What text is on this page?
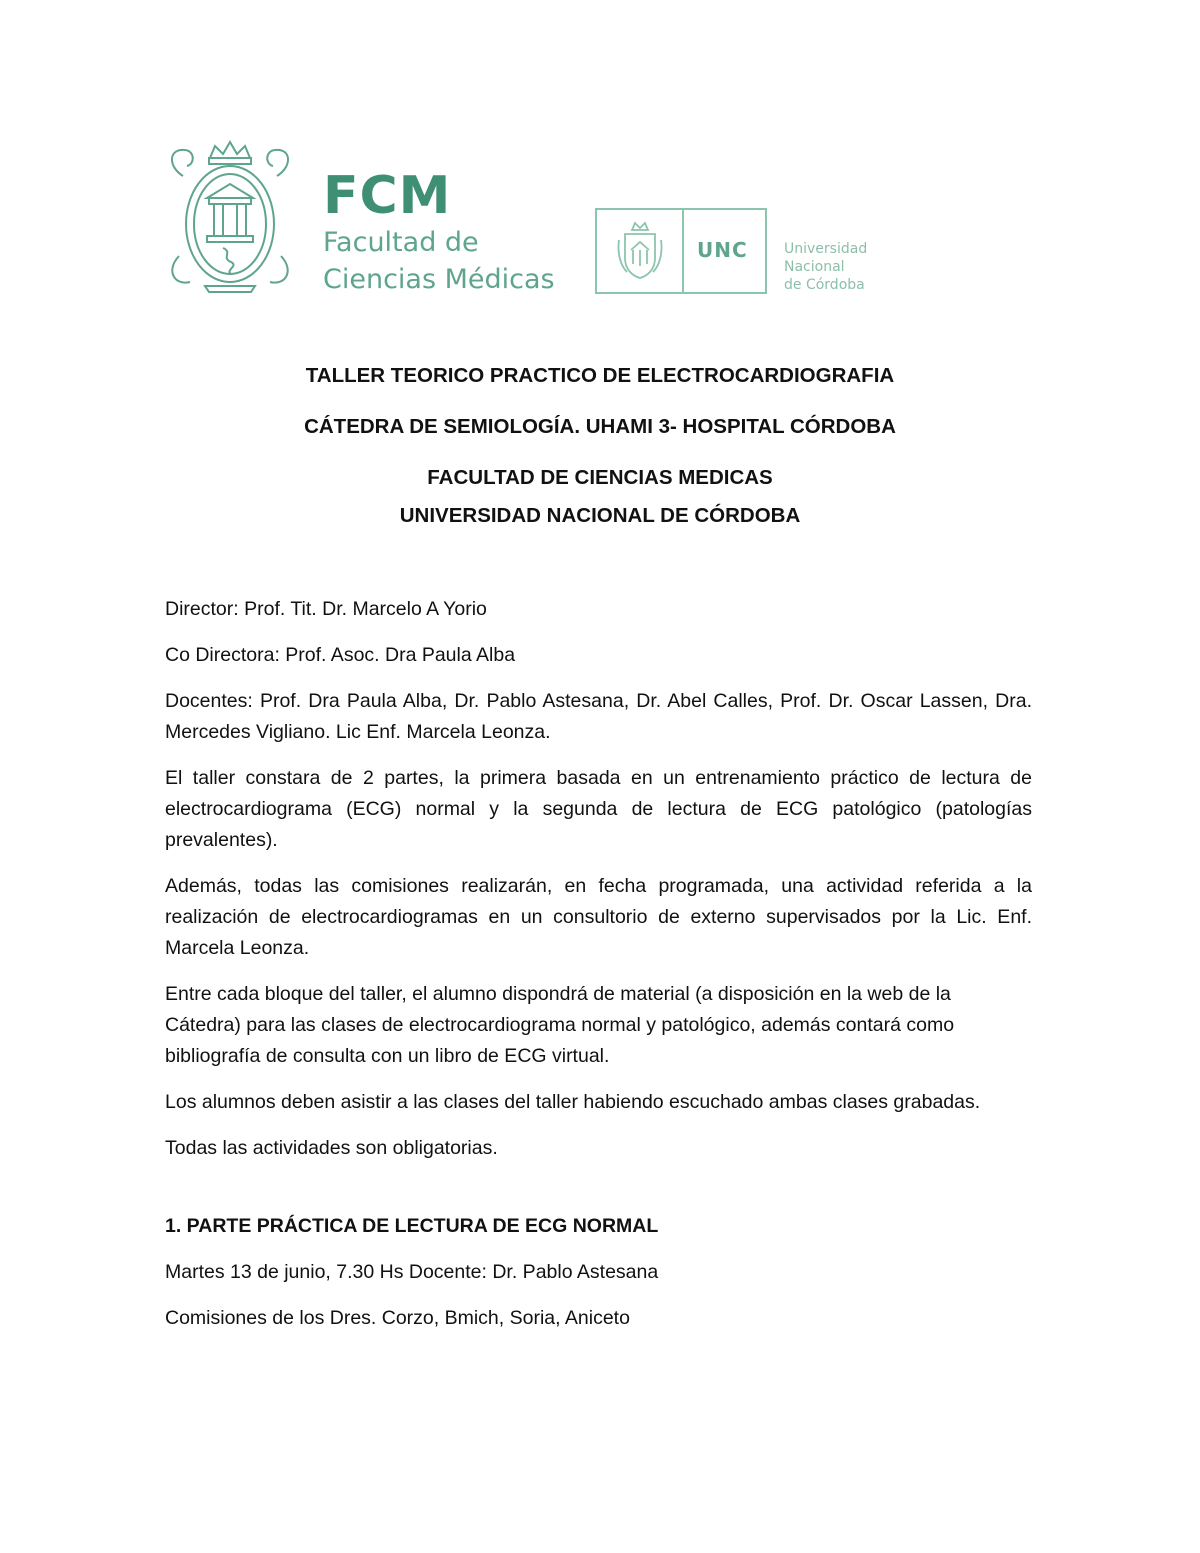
FCM

Facultad de

Ciencias Médicas

UNC	Universidad
Nacional
de Córdoba

TALLER TEORICO PRACTICO DE ELECTROCARDIOGRAFIA

CÁTEDRA DE SEMIOLOGÍA. UHAMI 3- HOSPITAL CÓRDOBA

FACULTAD DE CIENCIAS MEDICAS

UNIVERSIDAD NACIONAL DE CÓRDOBA

Director: Prof. Tit. Dr. Marcelo A Yorio

Co Directora: Prof. Asoc. Dra Paula Alba

Docentes: Prof. Dra Paula Alba, Dr. Pablo Astesana, Dr. Abel Calles, Prof. Dr. Oscar Lassen, Dra. Mercedes Vigliano. Lic Enf. Marcela Leonza.

El taller constara de 2 partes, la primera basada en un entrenamiento práctico de lectura de electrocardiograma (ECG) normal y la segunda de lectura de ECG patológico (patologías prevalentes).

Además, todas las comisiones realizarán, en fecha programada, una actividad referida a la realización de electrocardiogramas en un consultorio de externo supervisados por la Lic. Enf. Marcela Leonza.

Entre cada bloque del taller, el alumno dispondrá de material (a disposición en la web de la Cátedra) para las clases de electrocardiograma normal y patológico, además contará como bibliografía de consulta con un libro de ECG virtual.

Los alumnos deben asistir a las clases del taller habiendo escuchado ambas clases grabadas.

Todas las actividades son obligatorias.

1. PARTE PRÁCTICA DE LECTURA DE ECG NORMAL

Martes 13 de junio, 7.30 Hs Docente: Dr. Pablo Astesana

Comisiones de los Dres. Corzo, Bmich, Soria, Aniceto
